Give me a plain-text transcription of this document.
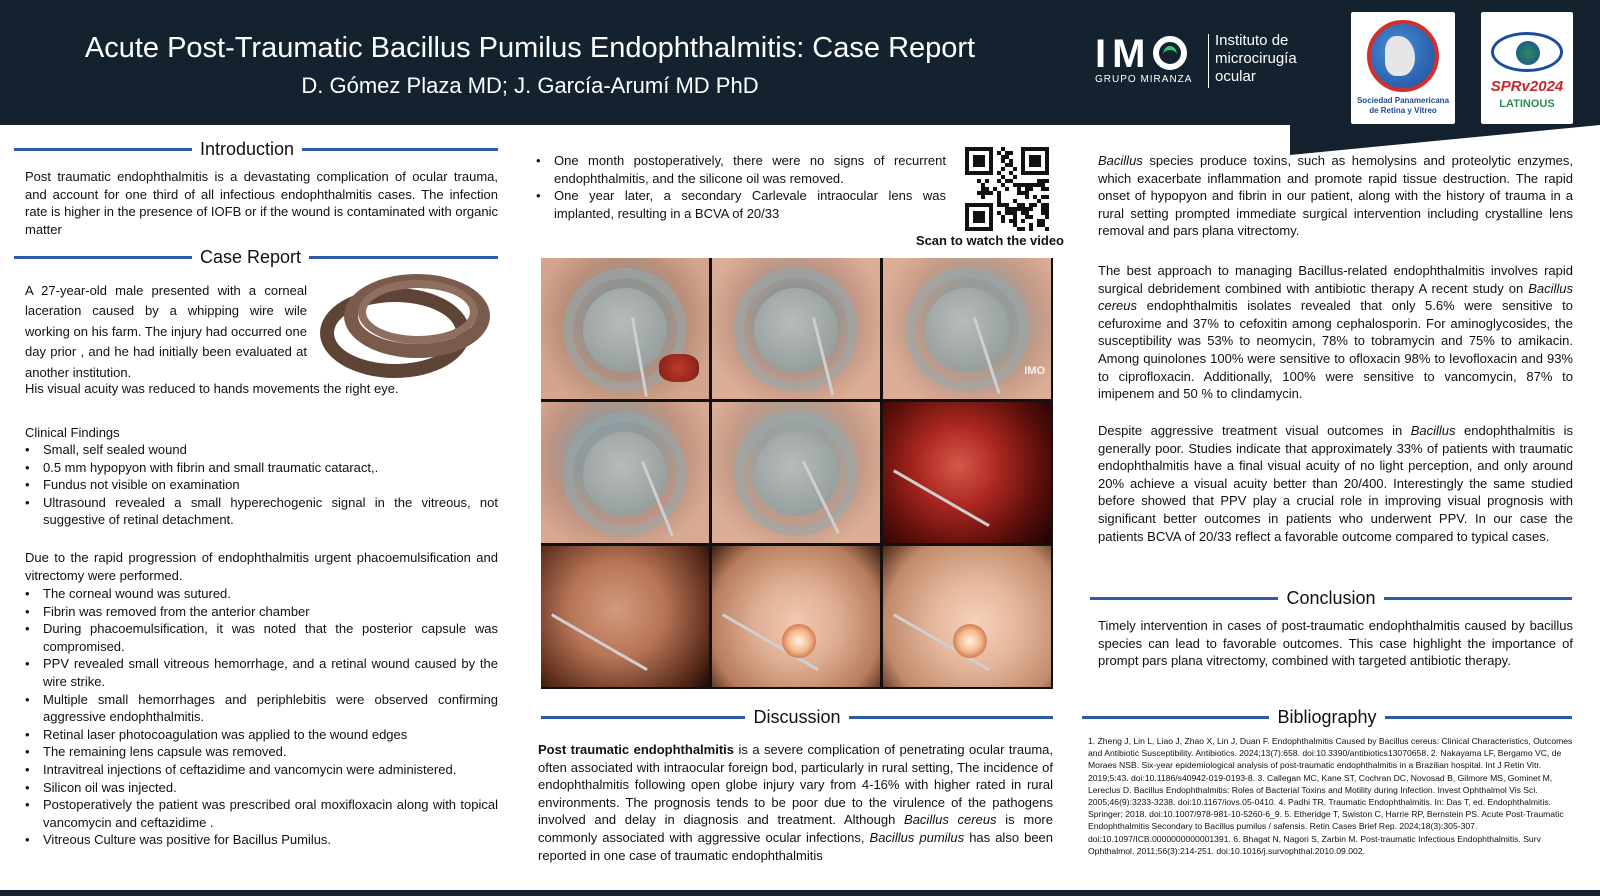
Acute Post-Traumatic Bacillus Pumilus Endophthalmitis: Case Report
D. Gómez Plaza MD; J. García-Arumí MD PhD
IM
GRUPO MIRANZA
Instituto de microcirugía ocular
Sociedad Panamericana de Retina y Vítreo
SPRv2024
LATINOUS
Introduction
Post traumatic endophthalmitis is a devastating complication of ocular trauma, and account for one third of all infectious endophthalmitis cases. The infection rate is higher in the presence of IOFB or if the wound is contaminated with organic matter
Case Report
A 27-year-old male presented with a corneal laceration caused by a whipping wire wile working on his farm. The injury had occurred one day prior , and he had initially been evaluated at another institution.
His visual acuity was reduced to hands movements the right eye.
Clinical Findings
• Small, self sealed wound
• 0.5 mm hypopyon with fibrin and small traumatic cataract,.
• Fundus not visible on examination
• Ultrasound revealed a small hyperechogenic signal in the vitreous, not suggestive of retinal detachment.
Due to the rapid progression of endophthalmitis urgent phacoemulsification and vitrectomy were performed.
• The corneal wound was sutured.
• Fibrin was removed from the anterior chamber
• During phacoemulsification, it was noted that the posterior capsule was compromised.
• PPV revealed small vitreous hemorrhage, and a retinal wound caused by the wire strike.
• Multiple small hemorrhages and periphlebitis were observed confirming aggressive endophthalmitis.
• Retinal laser photocoagulation was applied to the wound edges
• The remaining lens capsule was removed.
• Intravitreal injections of ceftazidime and vancomycin were administered.
• Silicon oil was injected.
• Postoperatively the patient was prescribed oral moxifloxacin along with topical vancomycin and ceftazidime .
• Vitreous Culture was positive for Bacillus Pumilus.
• One month postoperatively, there were no signs of recurrent endophthalmitis, and the silicone oil was removed.
• One year later, a secondary Carlevale intraocular lens was implanted, resulting in a BCVA of 20/33
Scan to watch the video
IMO
Discussion
Post traumatic endophthalmitis is a severe complication of penetrating ocular trauma, often associated with intraocular foreign bod, particularly in rural setting, The incidence of endophthalmitis following open globe injury vary from 4-16% with higher rated in rural environments. The prognosis tends to be poor due to the virulence of the pathogens involved and delay in diagnosis and treatment. Although Bacillus cereus is more commonly associated with aggressive ocular infections, Bacillus pumilus has also been reported in one case of traumatic endophthalmitis
Bacillus species produce toxins, such as hemolysins and proteolytic enzymes, which exacerbate inflammation and promote rapid tissue destruction. The rapid onset of hypopyon and fibrin in our patient, along with the history of trauma in a rural setting prompted immediate surgical intervention including crystalline lens removal and pars plana vitrectomy.
The best approach to managing Bacillus-related endophthalmitis involves rapid surgical debridement combined with antibiotic therapy A recent study on Bacillus cereus endophthalmitis isolates revealed that only 5.6% were sensitive to cefuroxime and 37% to cefoxitin among cephalosporin. For aminoglycosides, the susceptibility was 53% to neomycin, 78% to tobramycin and 75% to amikacin. Among quinolones 100% were sensitive to ofloxacin 98% to levofloxacin and 93% to ciprofloxacin. Additionally, 100% were sensitive to vancomycin, 87% to imipenem and 50 % to clindamycin.
Despite aggressive treatment visual outcomes in Bacillus endophthalmitis is generally poor. Studies indicate that approximately 33% of patients with traumatic endophthalmitis have a final visual acuity of no light perception, and only around 20% achieve a visual acuity better than 20/400. Interestingly the same studied before showed that PPV play a crucial role in improving visual prognosis with significant better outcomes in patients who underwent PPV. In our case the patients BCVA of 20/33 reflect a favorable outcome compared to typical cases.
Conclusion
Timely intervention in cases of post-traumatic endophthalmitis caused by bacillus species can lead to favorable outcomes. This case highlight the importance of prompt pars plana vitrectomy, combined with targeted antibiotic therapy.
Bibliography
1. Zheng J, Lin L, Liao J, Zhao X, Lin J, Duan F. Endophthalmitis Caused by Bacillus cereus: Clinical Characteristics, Outcomes and Antibiotic Susceptibility. Antibiotics. 2024;13(7):658. doi:10.3390/antibiotics13070658. 2. Nakayama LF, Bergamo VC, de Moraes NSB. Six-year epidemiological analysis of post-traumatic endophthalmitis in a Brazilian hospital. Int J Retin Vitr. 2019;5:43. doi:10.1186/s40942-019-0193-8. 3. Callegan MC, Kane ST, Cochran DC, Novosad B, Gilmore MS, Gominet M, Lereclus D. Bacillus Endophthalmitis: Roles of Bacterial Toxins and Motility during Infection. Invest Ophthalmol Vis Sci. 2005;46(9):3233-3238. doi:10.1167/iovs.05-0410. 4. Padhi TR. Traumatic Endophthalmitis. In: Das T, ed. Endophthalmitis. Springer; 2018. doi:10.1007/978-981-10-5260-6_9. 5. Etheridge T, Swiston C, Harrie RP, Bernstein PS. Acute Post-Traumatic Endophthalmitis Secondary to Bacillus pumilus / safensis. Retin Cases Brief Rep. 2024;18(3):305-307. doi:10.1097/ICB.0000000000001391. 6. Bhagat N, Nagori S, Zarbin M. Post-traumatic Infectious Endophthalmitis. Surv Ophthalmol. 2011;56(3):214-251. doi:10.1016/j.survophthal.2010.09.002.
